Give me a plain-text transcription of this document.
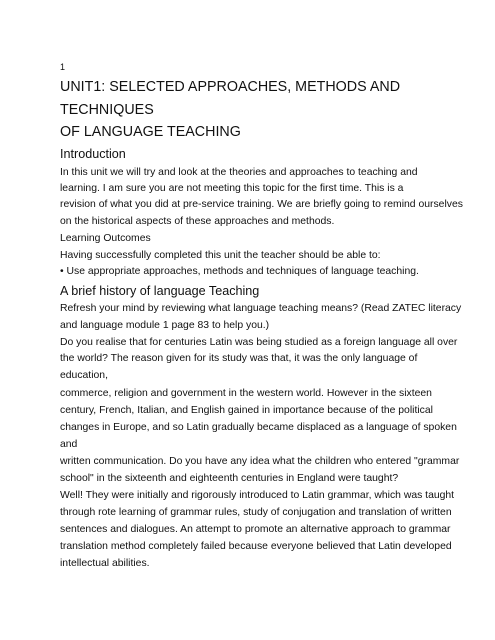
1
UNIT1: SELECTED APPROACHES, METHODS AND
TECHNIQUES
OF LANGUAGE TEACHING
Introduction
In this unit we will try and look at the theories and approaches to teaching and
learning. I am sure you are not meeting this topic for the first time. This is a
revision of what you did at pre-service training. We are briefly going to remind ourselves
on the historical aspects of these approaches and methods.
Learning Outcomes
Having successfully completed this unit the teacher should be able to:
• Use appropriate approaches, methods and techniques of language teaching.
A brief history of language Teaching
Refresh your mind by reviewing what language teaching means? (Read ZATEC literacy
and language module 1 page 83 to help you.)
Do you realise that for centuries Latin was being studied as a foreign language all over
the world? The reason given for its study was that, it was the only language of
education,
commerce, religion and government in the western world. However in the sixteen
century, French, Italian, and English gained in importance because of the political
changes in Europe, and so Latin gradually became displaced as a language of spoken
and
written communication. Do you have any idea what the children who entered "grammar
school" in the sixteenth and eighteenth centuries in England were taught?
Well! They were initially and rigorously introduced to Latin grammar, which was taught
through rote learning of grammar rules, study of conjugation and translation of written
sentences and dialogues. An attempt to promote an alternative approach to grammar
translation method completely failed because everyone believed that Latin developed
intellectual abilities.
